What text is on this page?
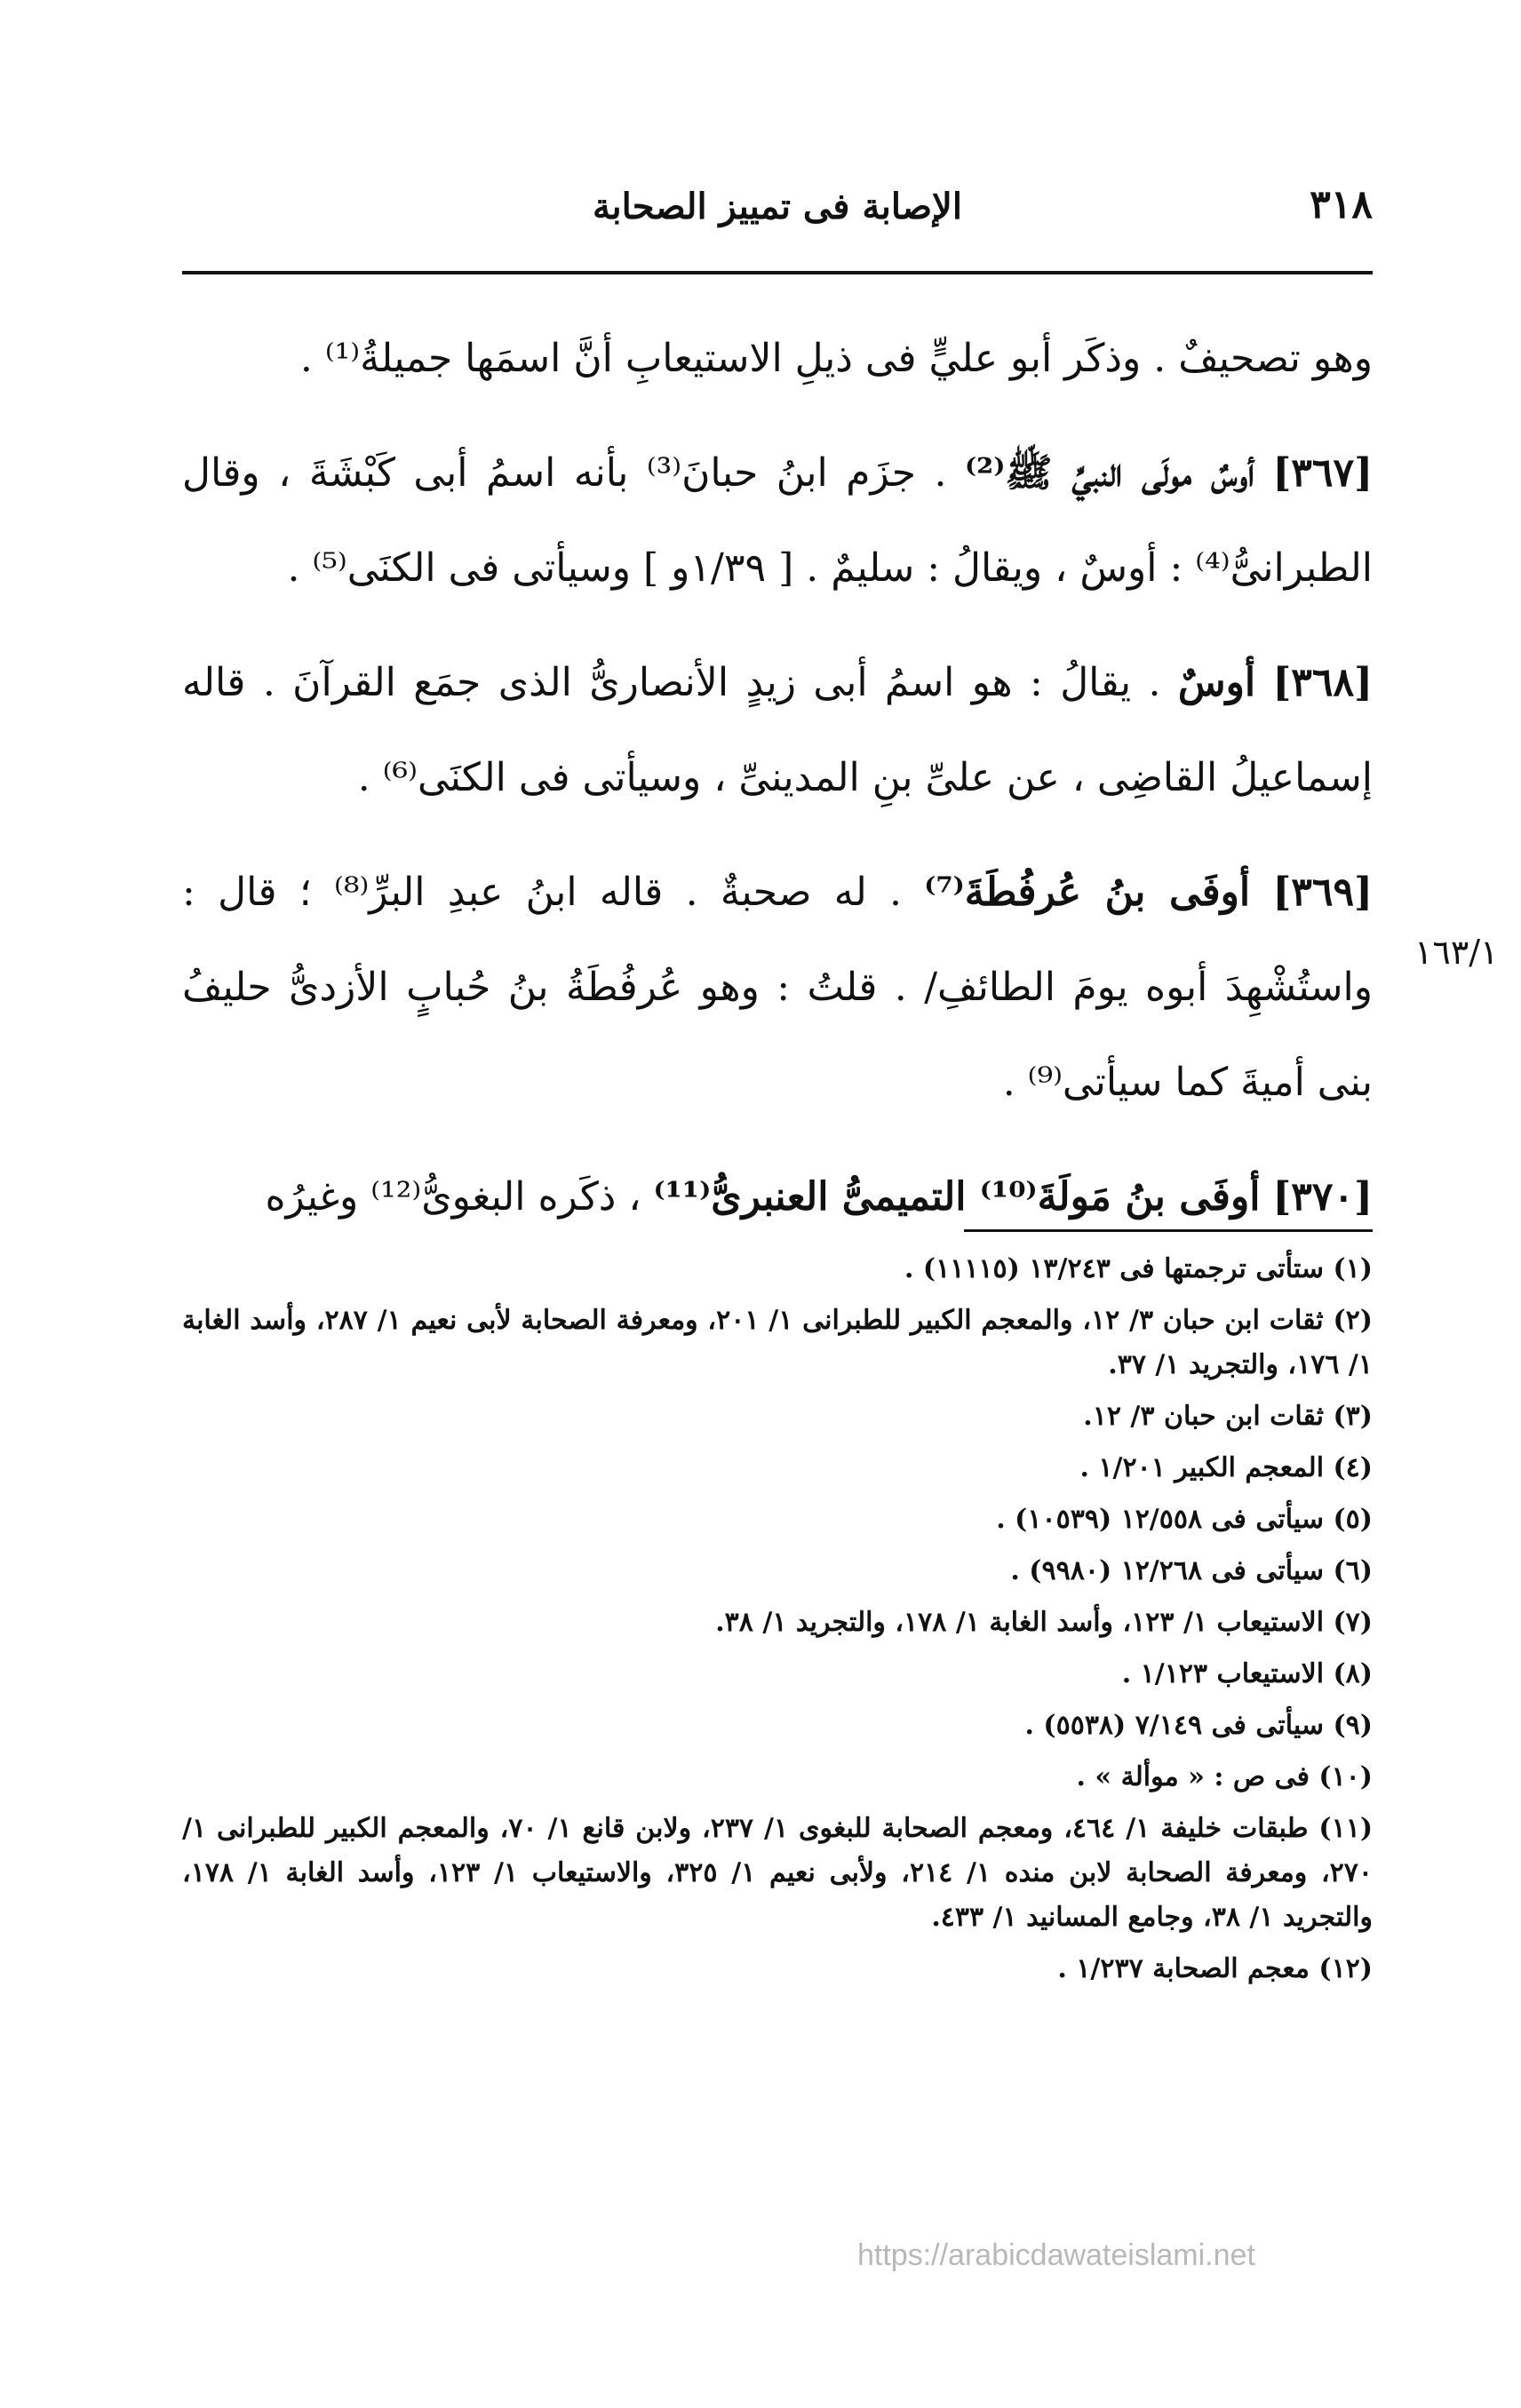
٣١٨
الإصابة فى تمييز الصحابة

وهو تصحيفٌ . وذكَر أبو عليٍّ فى ذيلِ الاستيعابِ أنَّ اسمَها جميلةُ⁽¹⁾ .

[٣٦٧] أوسٌ مولَى النبيِّ ﷺ⁽²⁾ . جزَم ابنُ حبانَ⁽³⁾ بأنه اسمُ أبى كَبْشَةَ ، وقال الطبرانىُّ⁽⁴⁾ : أوسٌ ، ويقالُ : سليمٌ . [ ١/٣٩و ] وسيأتى فى الكنَى⁽⁵⁾ .

[٣٦٨] أوسٌ . يقالُ : هو اسمُ أبى زيدٍ الأنصارىُّ الذى جمَع القرآنَ . قاله إسماعيلُ القاضِى ، عن علىِّ بنِ المدينىِّ ، وسيأتى فى الكنَى⁽⁶⁾ .

[٣٦٩] أوفَى بنُ عُرفُطَةَ⁽⁷⁾ . له صحبةٌ . قاله ابنُ عبدِ البرِّ⁽⁸⁾ ؛ قال : واستُشْهِدَ أبوه يومَ الطائفِ/ . قلتُ : وهو عُرفُطَةُ بنُ حُبابٍ الأزدىُّ حليفُ بنى أميةَ كما سيأتى⁽⁹⁾ .

[٣٧٠] أوفَى بنُ مَولَةَ⁽¹⁰⁾ التميمىُّ العنبرىُّ⁽¹¹⁾ ، ذكَره البغوىُّ⁽¹²⁾ وغيرُه

١٦٣/١

(١) ستأتى ترجمتها فى ١٣/٢٤٣ (١١١١٥) .

(٢) ثقات ابن حبان ٣/ ١٢، والمعجم الكبير للطبرانى ١/ ٢٠١، ومعرفة الصحابة لأبى نعيم ١/ ٢٨٧، وأسد الغابة ١/ ١٧٦، والتجريد ١/ ٣٧.

(٣) ثقات ابن حبان ٣/ ١٢.

(٤) المعجم الكبير ١/٢٠١ .

(٥) سيأتى فى ١٢/٥٥٨ (١٠٥٣٩) .

(٦) سيأتى فى ١٢/٢٦٨ (٩٩٨٠) .

(٧) الاستيعاب ١/ ١٢٣، وأسد الغابة ١/ ١٧٨، والتجريد ١/ ٣٨.

(٨) الاستيعاب ١/١٢٣ .

(٩) سيأتى فى ٧/١٤٩ (٥٥٣٨) .

(١٠) فى ص : « موألة » .

(١١) طبقات خليفة ١/ ٤٦٤، ومعجم الصحابة للبغوى ١/ ٢٣٧، ولابن قانع ١/ ٧٠، والمعجم الكبير للطبرانى ١/ ٢٧٠، ومعرفة الصحابة لابن منده ١/ ٢١٤، ولأبى نعيم ١/ ٣٢٥، والاستيعاب ١/ ١٢٣، وأسد الغابة ١/ ١٧٨، والتجريد ١/ ٣٨، وجامع المسانيد ١/ ٤٣٣.

(١٢) معجم الصحابة ١/٢٣٧ .

https://arabicdawateislami.net
